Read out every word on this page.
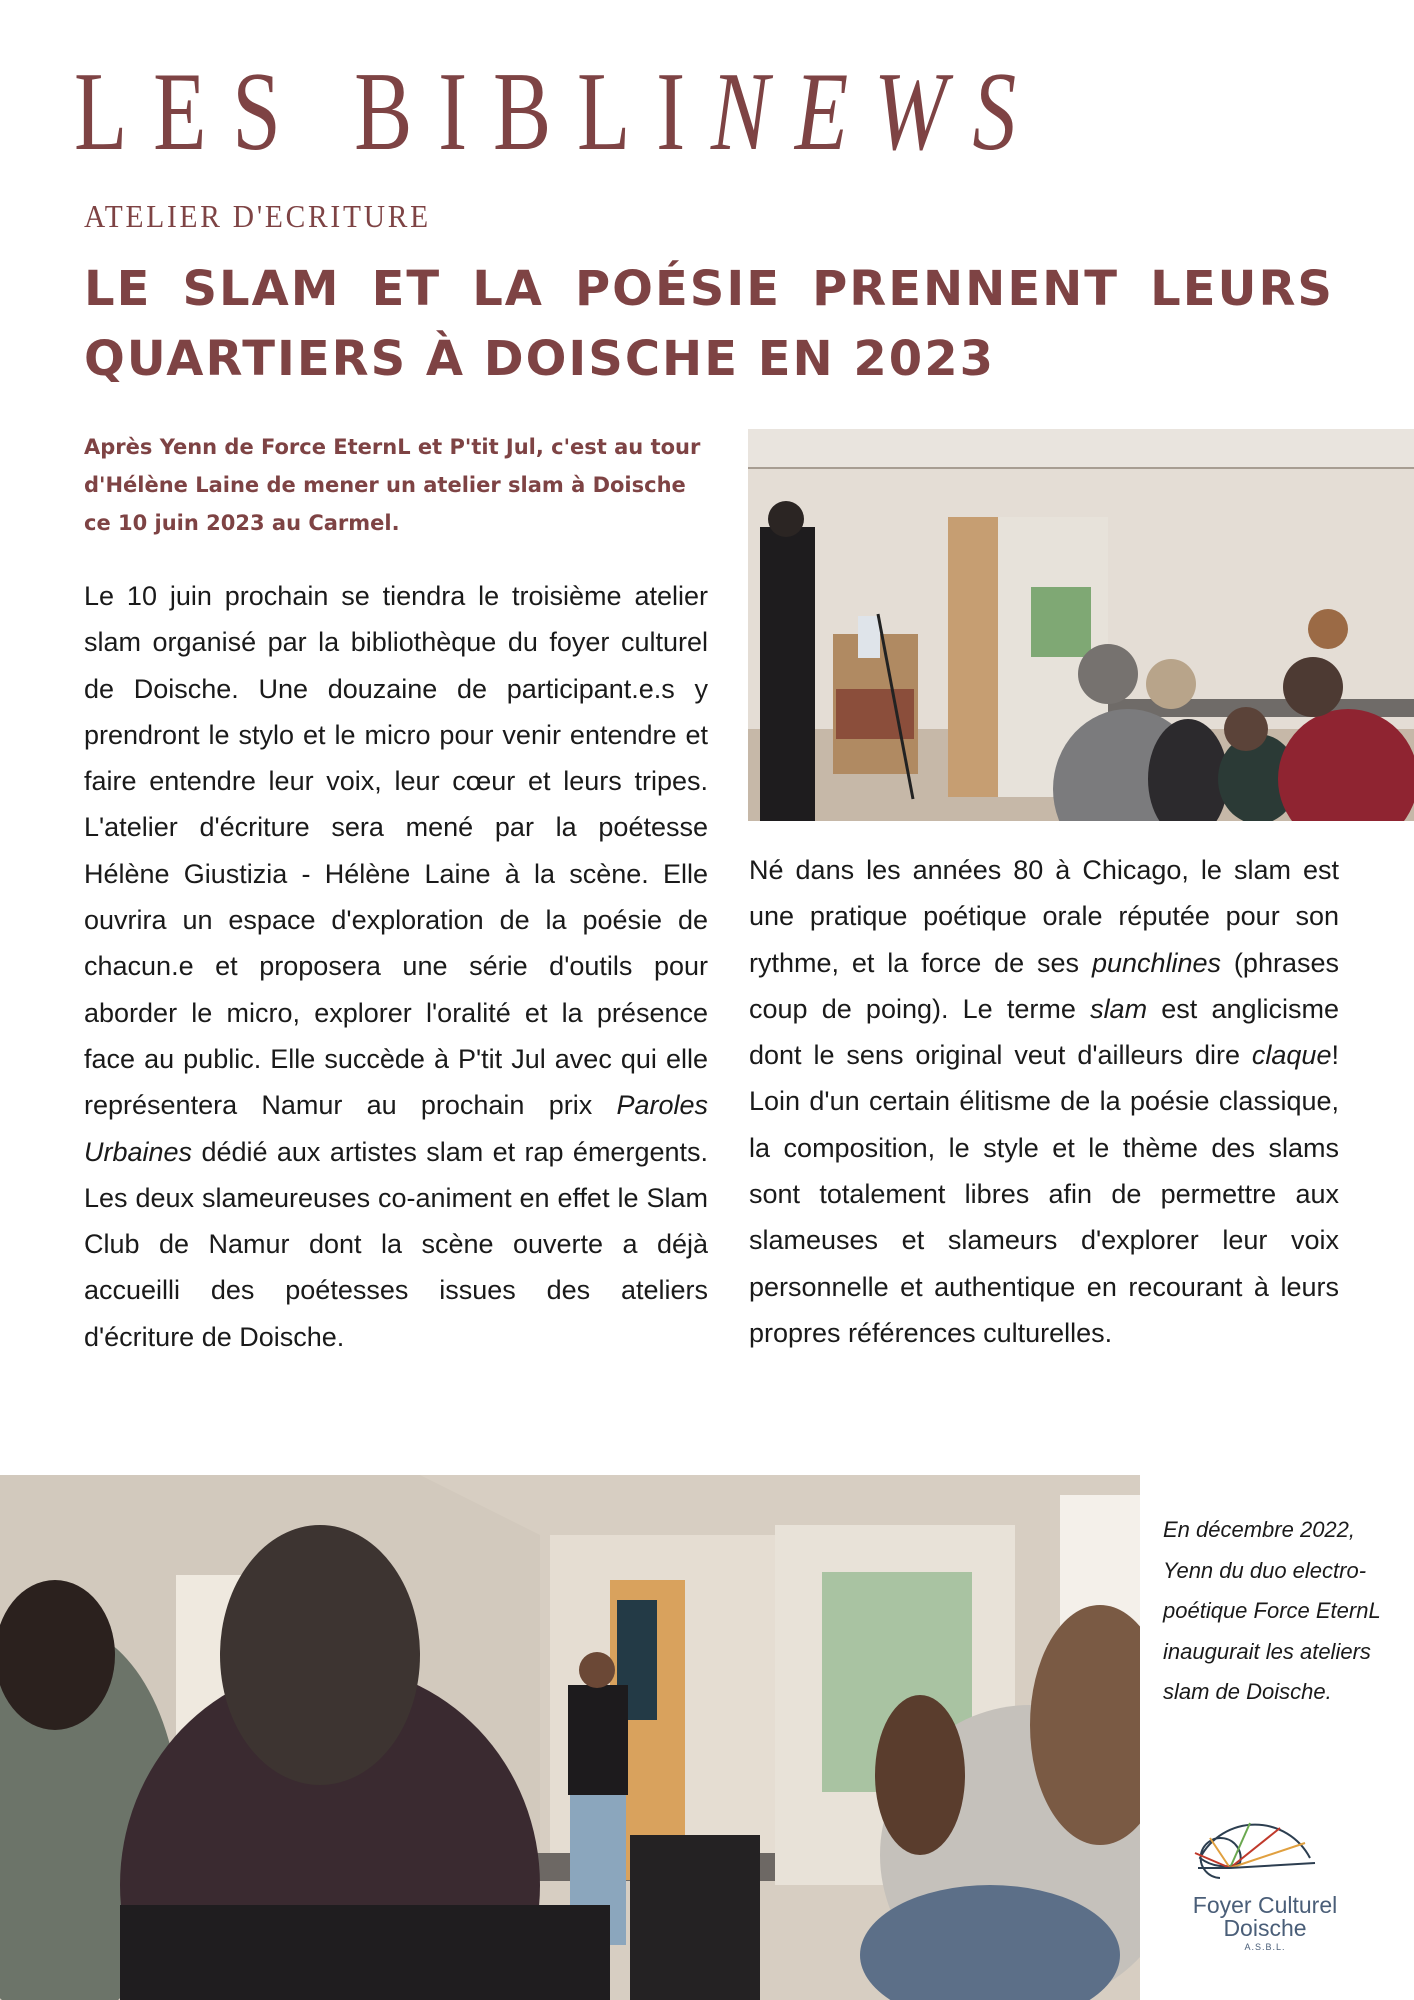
LES BIBLINEWS
ATELIER D'ECRITURE
LE SLAM ET LA POÉSIE PRENNENT LEURS
QUARTIERS À DOISCHE EN 2023

Après Yenn de Force EternL et P'tit Jul, c'est au tour d'Hélène Laine de mener un atelier slam à Doische ce 10 juin 2023 au Carmel.

Le 10 juin prochain se tiendra le troisième atelier slam organisé par la bibliothèque du foyer culturel de Doische. Une douzaine de participant.e.s y prendront le stylo et le micro pour venir entendre et faire entendre leur voix, leur cœur et leurs tripes. L'atelier d'écriture sera mené par la poétesse Hélène Giustizia - Hélène Laine à la scène. Elle ouvrira un espace d'exploration de la poésie de chacun.e et proposera une série d'outils pour aborder le micro, explorer l'oralité et la présence face au public. Elle succède à P'tit Jul avec qui elle représentera Namur au prochain prix Paroles Urbaines dédié aux artistes slam et rap émergents. Les deux slameureuses co-animent en effet le Slam Club de Namur dont la scène ouverte a déjà accueilli des poétesses issues des ateliers d'écriture de Doische.

Né dans les années 80 à Chicago, le slam est une pratique poétique orale réputée pour son rythme, et la force de ses punchlines (phrases coup de poing). Le terme slam est anglicisme dont le sens original veut d'ailleurs dire claque! Loin d'un certain élitisme de la poésie classique, la composition, le style et le thème des slams sont totalement libres afin de permettre aux slameuses et slameurs d'explorer leur voix personnelle et authentique en recourant à leurs propres références culturelles.

En décembre 2022, Yenn du duo electro-poétique Force EternL inaugurait les ateliers slam de Doische.

Foyer Culturel
Doische
A.S.B.L.
